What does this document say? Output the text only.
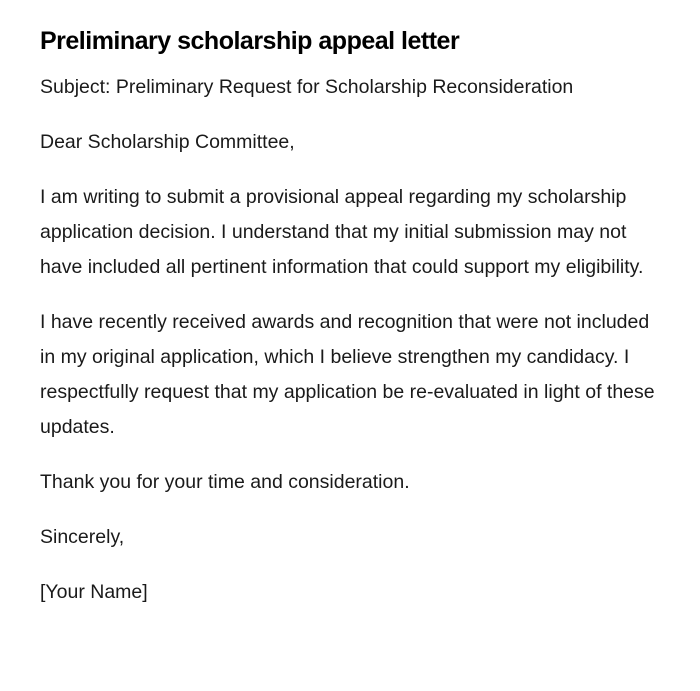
Preliminary scholarship appeal letter

Subject: Preliminary Request for Scholarship Reconsideration

Dear Scholarship Committee,

I am writing to submit a provisional appeal regarding my scholarship application decision. I understand that my initial submission may not have included all pertinent information that could support my eligibility.

I have recently received awards and recognition that were not included in my original application, which I believe strengthen my candidacy. I respectfully request that my application be re-evaluated in light of these updates.

Thank you for your time and consideration.

Sincerely,

[Your Name]
